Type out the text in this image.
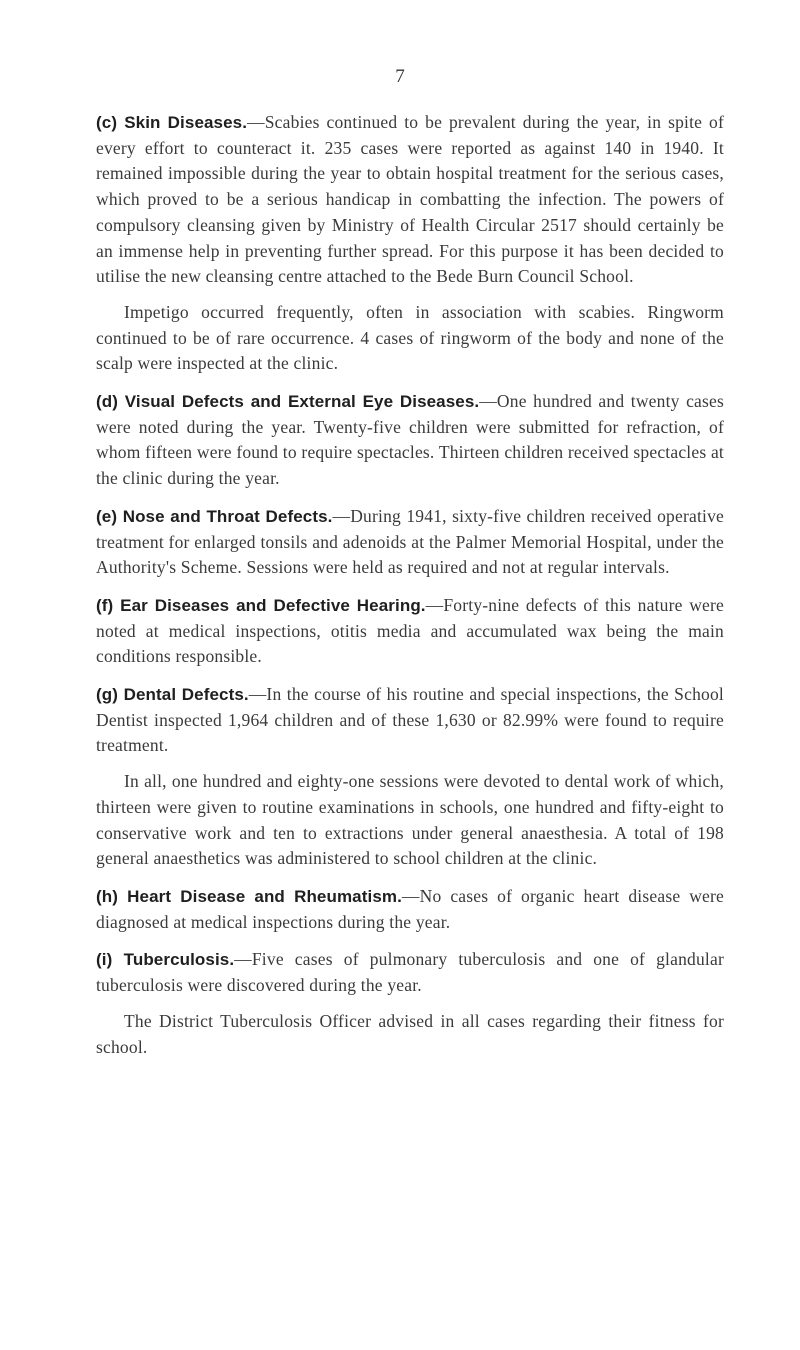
7

(c) Skin Diseases.—Scabies continued to be prevalent during the year, in spite of every effort to counteract it. 235 cases were reported as against 140 in 1940. It remained impossible during the year to obtain hospital treatment for the serious cases, which proved to be a serious handicap in combatting the infection. The powers of compulsory cleansing given by Ministry of Health Circular 2517 should certainly be an immense help in preventing further spread. For this purpose it has been decided to utilise the new cleansing centre attached to the Bede Burn Council School.

Impetigo occurred frequently, often in association with scabies. Ringworm continued to be of rare occurrence. 4 cases of ringworm of the body and none of the scalp were inspected at the clinic.

(d) Visual Defects and External Eye Diseases.—One hundred and twenty cases were noted during the year. Twenty-five children were submitted for refraction, of whom fifteen were found to require spectacles. Thirteen children received spectacles at the clinic during the year.

(e) Nose and Throat Defects.—During 1941, sixty-five children received operative treatment for enlarged tonsils and adenoids at the Palmer Memorial Hospital, under the Authority's Scheme. Sessions were held as required and not at regular intervals.

(f) Ear Diseases and Defective Hearing.—Forty-nine defects of this nature were noted at medical inspections, otitis media and accumulated wax being the main conditions responsible.

(g) Dental Defects.—In the course of his routine and special inspections, the School Dentist inspected 1,964 children and of these 1,630 or 82.99% were found to require treatment.

In all, one hundred and eighty-one sessions were devoted to dental work of which, thirteen were given to routine examinations in schools, one hundred and fifty-eight to conservative work and ten to extractions under general anaesthesia. A total of 198 general anaesthetics was administered to school children at the clinic.

(h) Heart Disease and Rheumatism.—No cases of organic heart disease were diagnosed at medical inspections during the year.

(i) Tuberculosis.—Five cases of pulmonary tuberculosis and one of glandular tuberculosis were discovered during the year.

The District Tuberculosis Officer advised in all cases regarding their fitness for school.
